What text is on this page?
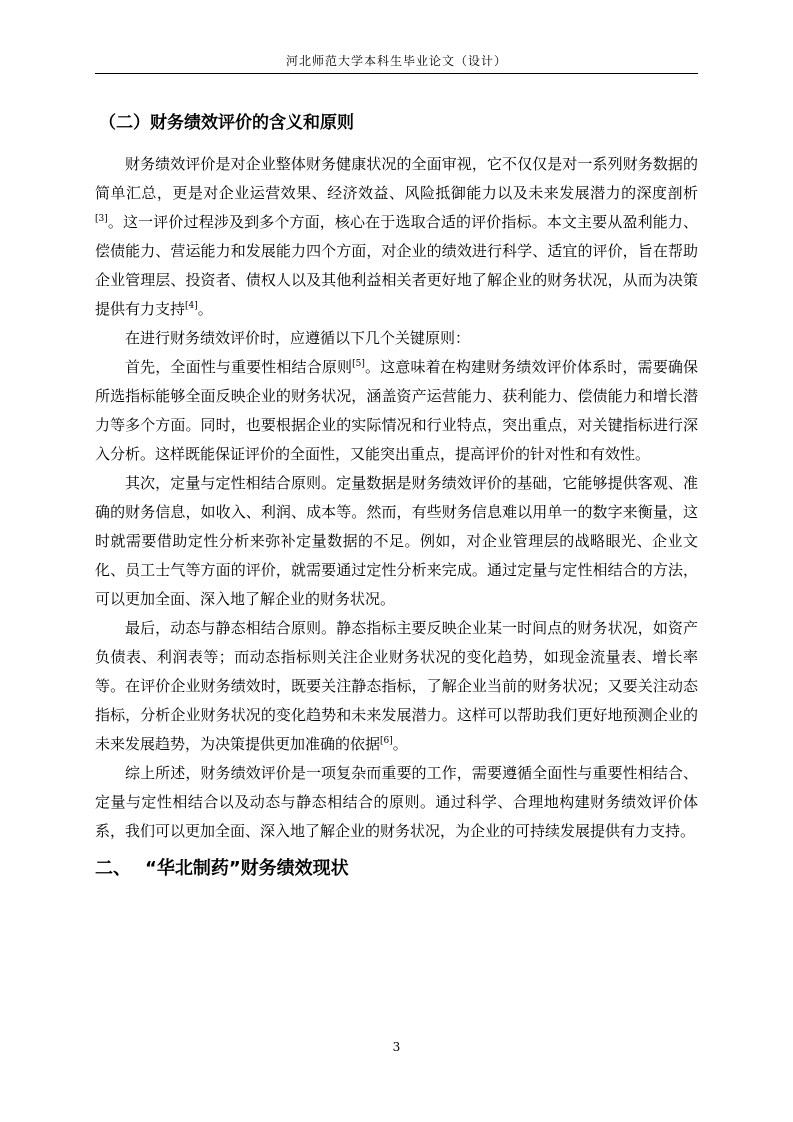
河北师范大学本科生毕业论文（设计）
（二）财务绩效评价的含义和原则

财务绩效评价是对企业整体财务健康状况的全面审视，它不仅仅是对一系列财务数据的简单汇总，更是对企业运营效果、经济效益、风险抵御能力以及未来发展潜力的深度剖析[3]。这一评价过程涉及到多个方面，核心在于选取合适的评价指标。本文主要从盈利能力、偿债能力、营运能力和发展能力四个方面，对企业的绩效进行科学、适宜的评价，旨在帮助企业管理层、投资者、债权人以及其他利益相关者更好地了解企业的财务状况，从而为决策提供有力支持[4]。

在进行财务绩效评价时，应遵循以下几个关键原则：

首先，全面性与重要性相结合原则[5]。这意味着在构建财务绩效评价体系时，需要确保所选指标能够全面反映企业的财务状况，涵盖资产运营能力、获利能力、偿债能力和增长潜力等多个方面。同时，也要根据企业的实际情况和行业特点，突出重点，对关键指标进行深入分析。这样既能保证评价的全面性，又能突出重点，提高评价的针对性和有效性。

其次，定量与定性相结合原则。定量数据是财务绩效评价的基础，它能够提供客观、准确的财务信息，如收入、利润、成本等。然而，有些财务信息难以用单一的数字来衡量，这时就需要借助定性分析来弥补定量数据的不足。例如，对企业管理层的战略眼光、企业文化、员工士气等方面的评价，就需要通过定性分析来完成。通过定量与定性相结合的方法，可以更加全面、深入地了解企业的财务状况。

最后，动态与静态相结合原则。静态指标主要反映企业某一时间点的财务状况，如资产负债表、利润表等；而动态指标则关注企业财务状况的变化趋势，如现金流量表、增长率等。在评价企业财务绩效时，既要关注静态指标，了解企业当前的财务状况；又要关注动态指标，分析企业财务状况的变化趋势和未来发展潜力。这样可以帮助我们更好地预测企业的未来发展趋势，为决策提供更加准确的依据[6]。

综上所述，财务绩效评价是一项复杂而重要的工作，需要遵循全面性与重要性相结合、定量与定性相结合以及动态与静态相结合的原则。通过科学、合理地构建财务绩效评价体系，我们可以更加全面、深入地了解企业的财务状况，为企业的可持续发展提供有力支持。

二、 “华北制药”财务绩效现状
3
